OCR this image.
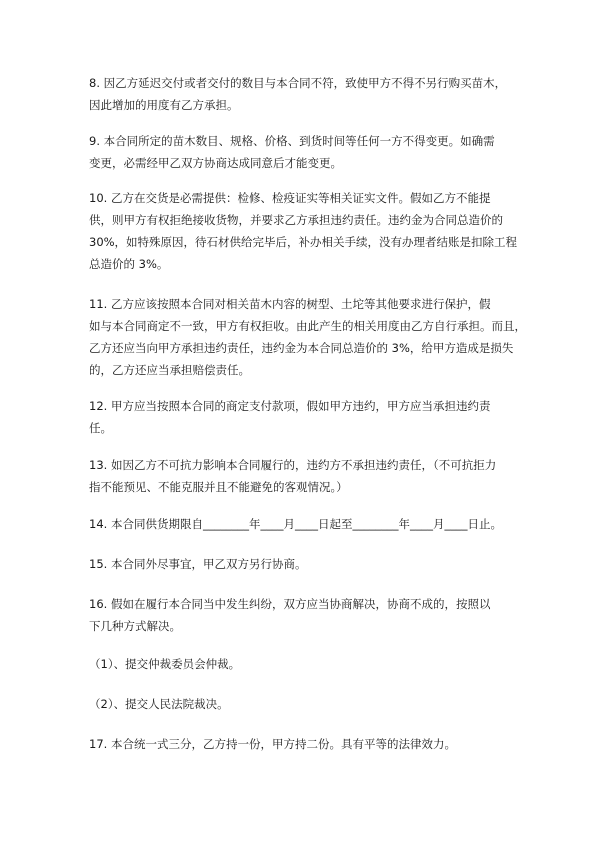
8. 因乙方延迟交付或者交付的数目与本合同不符，致使甲方不得不另行购买苗木，
因此增加的用度有乙方承担。

9. 本合同所定的苗木数目、规格、价格、到货时间等任何一方不得变更。如确需
变更，必需经甲乙双方协商达成同意后才能变更。

10. 乙方在交货是必需提供：检修、检疫证实等相关证实文件。假如乙方不能提
供，则甲方有权拒绝接收货物，并要求乙方承担违约责任。违约金为合同总造价的
30%，如特殊原因，待石材供给完毕后，补办相关手续，没有办理者结账是扣除工程
总造价的 3%。

11. 乙方应该按照本合同对相关苗木内容的树型、土坨等其他要求进行保护，假
如与本合同商定不一致，甲方有权拒收。由此产生的相关用度由乙方自行承担。而且，
乙方还应当向甲方承担违约责任，违约金为本合同总造价的 3%，给甲方造成是损失
的，乙方还应当承担赔偿责任。

12. 甲方应当按照本合同的商定支付款项，假如甲方违约，甲方应当承担违约责
任。

13. 如因乙方不可抗力影响本合同履行的，违约方不承担违约责任，（不可抗拒力
指不能预见、不能克服并且不能避免的客观情况。）

14. 本合同供货期限自________年____月____日起至________年____月____日止。

15. 本合同外尽事宜，甲乙双方另行协商。

16. 假如在履行本合同当中发生纠纷，双方应当协商解决，协商不成的，按照以
下几种方式解决。

（1）、提交仲裁委员会仲裁。

（2）、提交人民法院裁决。

17. 本合统一式三分，乙方持一份，甲方持二份。具有平等的法律效力。
